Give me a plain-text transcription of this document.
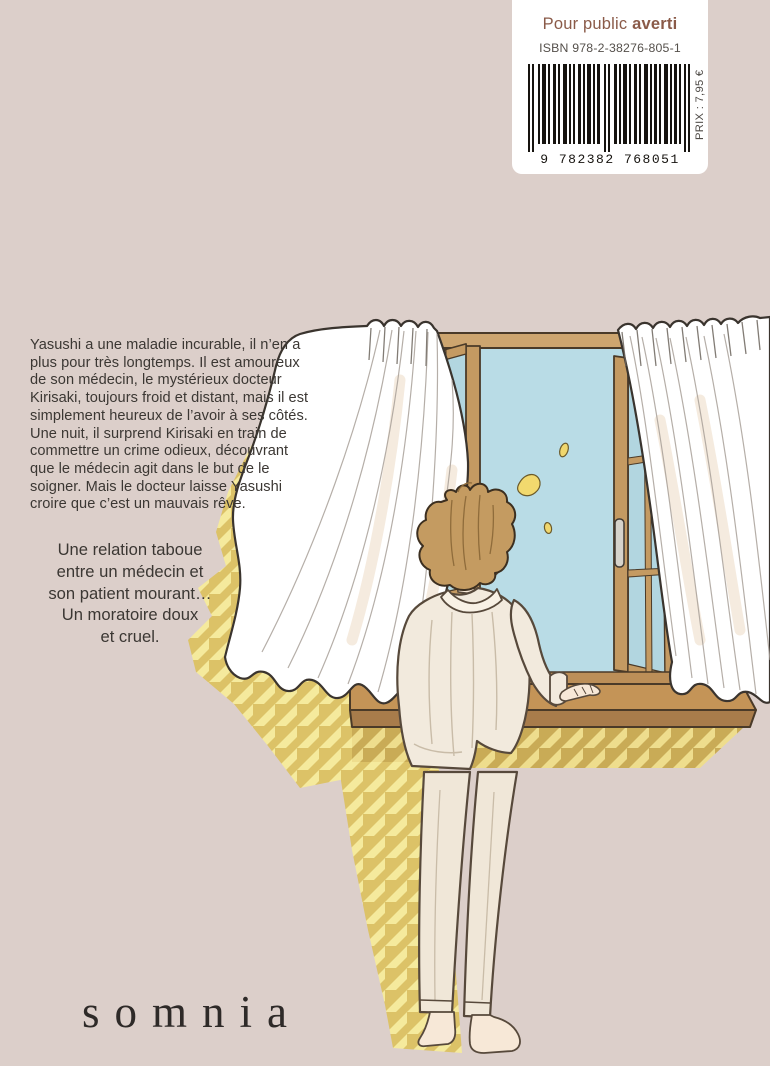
Yasushi a une maladie incurable, il n’en a
plus pour très longtemps. Il est amoureux
de son médecin, le mystérieux docteur
Kirisaki, toujours froid et distant, mais il est
simplement heureux de l’avoir à ses côtés.
Une nuit, il surprend Kirisaki en train de
commettre un crime odieux, découvrant
que le médecin agit dans le but de le
soigner. Mais le docteur laisse Yasushi
croire que c’est un mauvais rêve.
Une relation taboue
entre un médecin et
son patient mourant…
Un moratoire doux
et cruel.

Pour public averti

ISBN 978-2-38276-805-1

9 782382 768051
PRIX : 7,95 €
somnia
